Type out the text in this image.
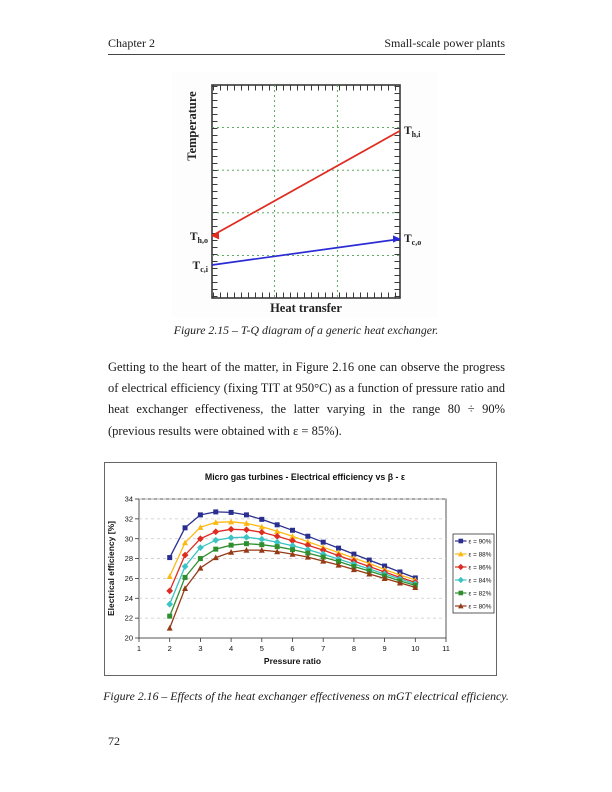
Chapter 2	Small-scale power plants
$T_{h,o}$
$T_{h,i}$
$T_{c,i}$
$T_{c,o}$
Temperature
Heat transfer
Figure 2.15 – T-Q diagram of a generic heat exchanger.
Getting to the heart of the matter, in Figure 2.16 one can observe the progress of electrical efficiency (fixing TIT at 950°C) as a function of pressure ratio and heat exchanger effectiveness, the latter varying in the range 80 ÷ 90% (previous results were obtained with ε = 85%).
Micro gas turbines - Electrical efficiency vs β - ε
20
22
24
26
28
30
32
34
1	2	3	4	5	6	7	8	9	10	11
Pressure ratio
Electrical efficiency [%]	ε = 90%
ε = 88%
ε = 86%
ε = 84%
ε = 82%
ε = 80%
Figure 2.16 – Effects of the heat exchanger effectiveness on mGT electrical efficiency.
72
